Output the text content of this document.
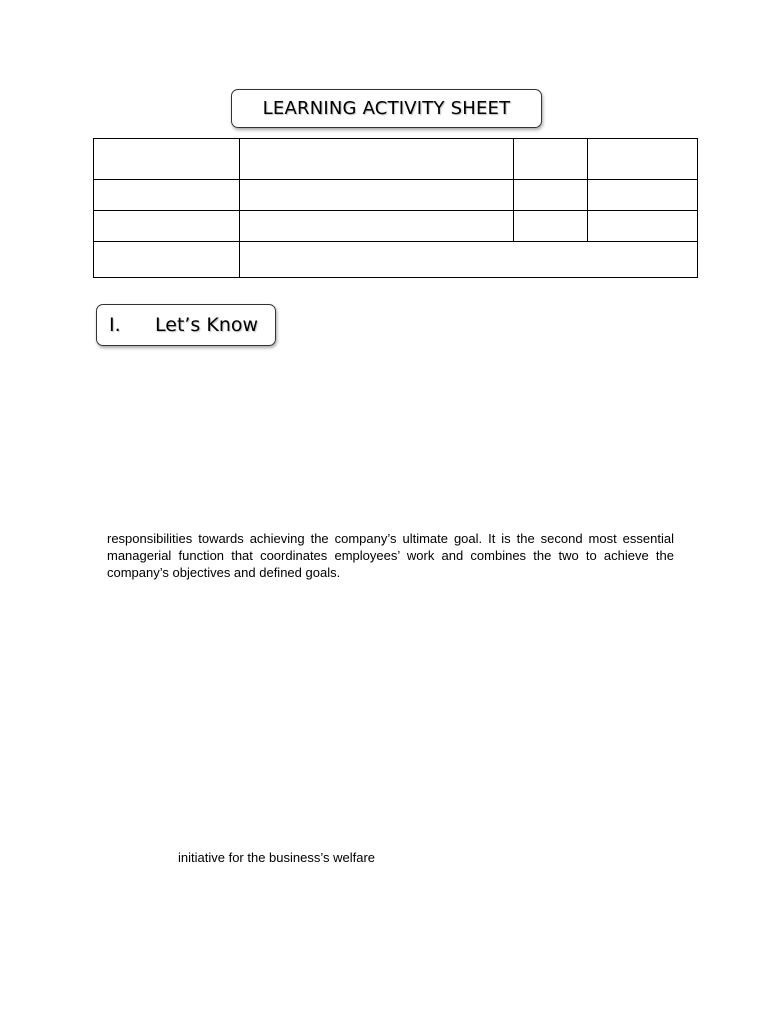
LEARNING ACTIVITY SHEET

I. Let’s Know

responsibilities towards achieving the company’s ultimate goal. It is the second most essential managerial function that coordinates employees’ work and combines the two to achieve the company’s objectives and defined goals.

initiative for the business’s welfare
